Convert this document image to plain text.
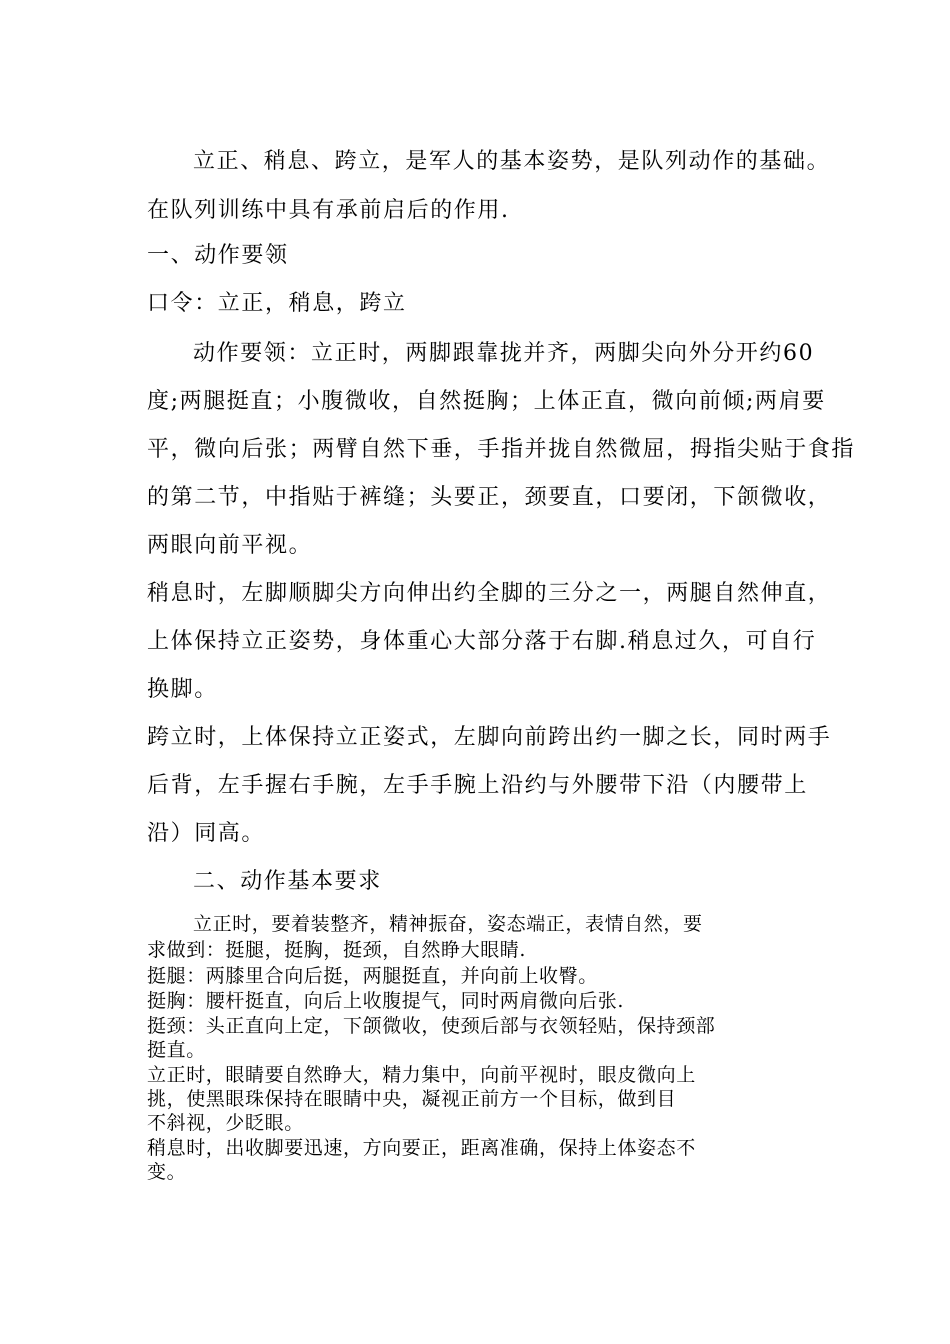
立正、稍息、跨立，是军人的基本姿势，是队列动作的基础。
在队列训练中具有承前启后的作用.
一、动作要领
口令：立正，稍息，跨立
动作要领：立正时，两脚跟靠拢并齐，两脚尖向外分开约60
度;两腿挺直；小腹微收，自然挺胸；上体正直，微向前倾;两肩要
平，微向后张；两臂自然下垂，手指并拢自然微屈，拇指尖贴于食指
的第二节，中指贴于裤缝；头要正，颈要直，口要闭，下颌微收，
两眼向前平视。
稍息时，左脚顺脚尖方向伸出约全脚的三分之一，两腿自然伸直，
上体保持立正姿势，身体重心大部分落于右脚.稍息过久，可自行
换脚。
跨立时，上体保持立正姿式，左脚向前跨出约一脚之长，同时两手
后背，左手握右手腕，左手手腕上沿约与外腰带下沿（内腰带上
沿）同高。
二、动作基本要求
立正时，要着装整齐，精神振奋，姿态端正，表情自然，要
求做到：挺腿，挺胸，挺颈，自然睁大眼睛.
挺腿：两膝里合向后挺，两腿挺直，并向前上收臀。
挺胸：腰杆挺直，向后上收腹提气，同时两肩微向后张.
挺颈：头正直向上定，下颌微收，使颈后部与衣领轻贴，保持颈部
挺直。
立正时，眼睛要自然睁大，精力集中，向前平视时，眼皮微向上
挑，使黑眼珠保持在眼睛中央，凝视正前方一个目标，做到目
不斜视，少眨眼。
稍息时，出收脚要迅速，方向要正，距离准确，保持上体姿态不
变。
